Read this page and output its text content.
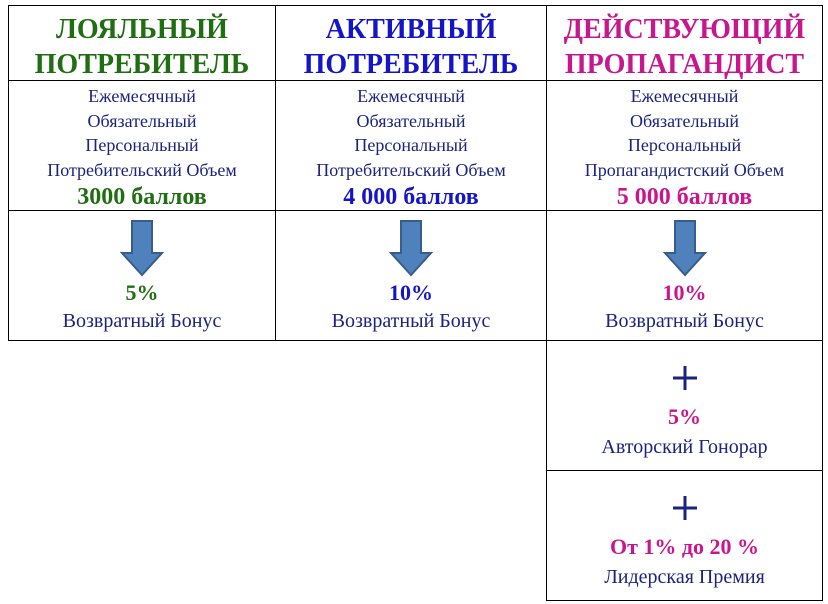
ЛОЯЛЬНЫЙ
ПОТРЕБИТЕЛЬ
Ежемесячный
Обязательный
Персональный
Потребительский Объем
3000 баллов
5%
Возвратный Бонус
АКТИВНЫЙ
ПОТРЕБИТЕЛЬ
Ежемесячный
Обязательный
Персональный
Потребительский Объем
4 000 баллов
10%
Возвратный Бонус
ДЕЙСТВУЮЩИЙ
ПРОПАГАНДИСТ
Ежемесячный
Обязательный
Персональный
Пропагандистский Объем
5 000 баллов
10%
Возвратный Бонус
5%
Авторский Гонорар
От 1% до 20 %
Лидерская Премия
